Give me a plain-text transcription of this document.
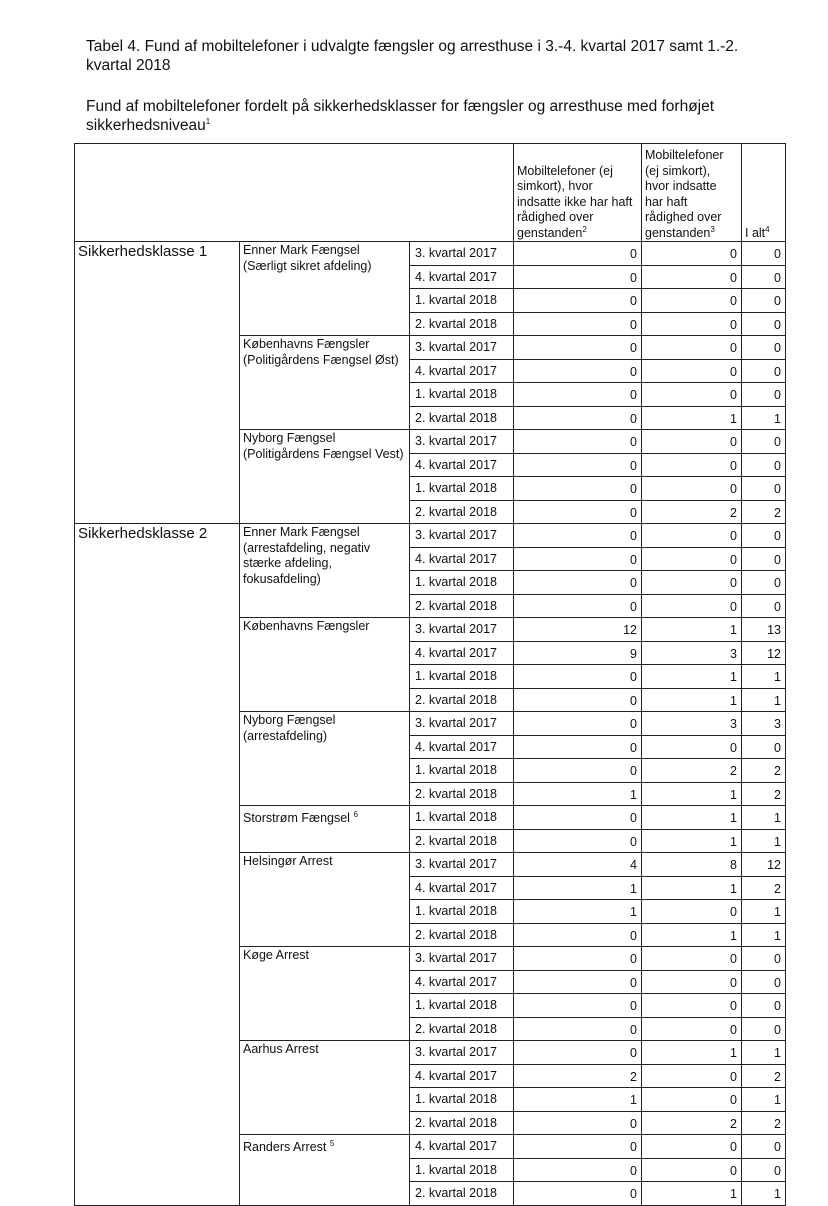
Tabel 4. Fund af mobiltelefoner i udvalgte fængsler og arresthuse i 3.-4. kvartal 2017 samt 1.-2. kvartal 2018
Fund af mobiltelefoner fordelt på sikkerhedsklasser for fængsler og arresthuse med forhøjet sikkerhedsniveau$^1$
			Mobiltelefoner (ej simkort), hvor indsatte ikke har haft rådighed over genstanden$^2$	Mobiltelefoner (ej simkort), hvor indsatte har haft rådighed over genstanden$^3$	I alt$^4$
Sikkerhedsklasse 1	Enner Mark Fængsel (Særligt sikret afdeling)	3. kvartal 2017	0	0	0
		4. kvartal 2017	0	0	0
		1. kvartal 2018	0	0	0
		2. kvartal 2018	0	0	0
	Københavns Fængsler (Politigårdens Fængsel Øst)	3. kvartal 2017	0	0	0
		4. kvartal 2017	0	0	0
		1. kvartal 2018	0	0	0
		2. kvartal 2018	0	1	1
	Nyborg Fængsel (Politigårdens Fængsel Vest)	3. kvartal 2017	0	0	0
		4. kvartal 2017	0	0	0
		1. kvartal 2018	0	0	0
		2. kvartal 2018	0	2	2
Sikkerhedsklasse 2	Enner Mark Fængsel (arrestafdeling, negativ stærke afdeling, fokusafdeling)	3. kvartal 2017	0	0	0
		4. kvartal 2017	0	0	0
		1. kvartal 2018	0	0	0
		2. kvartal 2018	0	0	0
	Københavns Fængsler	3. kvartal 2017	12	1	13
		4. kvartal 2017	9	3	12
		1. kvartal 2018	0	1	1
		2. kvartal 2018	0	1	1
	Nyborg Fængsel (arrestafdeling)	3. kvartal 2017	0	3	3
		4. kvartal 2017	0	0	0
		1. kvartal 2018	0	2	2
		2. kvartal 2018	1	1	2
	Storstrøm Fængsel $^6$	1. kvartal 2018	0	1	1
		2. kvartal 2018	0	1	1
	Helsingør Arrest	3. kvartal 2017	4	8	12
		4. kvartal 2017	1	1	2
		1. kvartal 2018	1	0	1
		2. kvartal 2018	0	1	1
	Køge Arrest	3. kvartal 2017	0	0	0
		4. kvartal 2017	0	0	0
		1. kvartal 2018	0	0	0
		2. kvartal 2018	0	0	0
	Aarhus Arrest	3. kvartal 2017	0	1	1
		4. kvartal 2017	2	0	2
		1. kvartal 2018	1	0	1
		2. kvartal 2018	0	2	2
	Randers Arrest $^5$	4. kvartal 2017	0	0	0
		1. kvartal 2018	0	0	0
		2. kvartal 2018	0	1	1
